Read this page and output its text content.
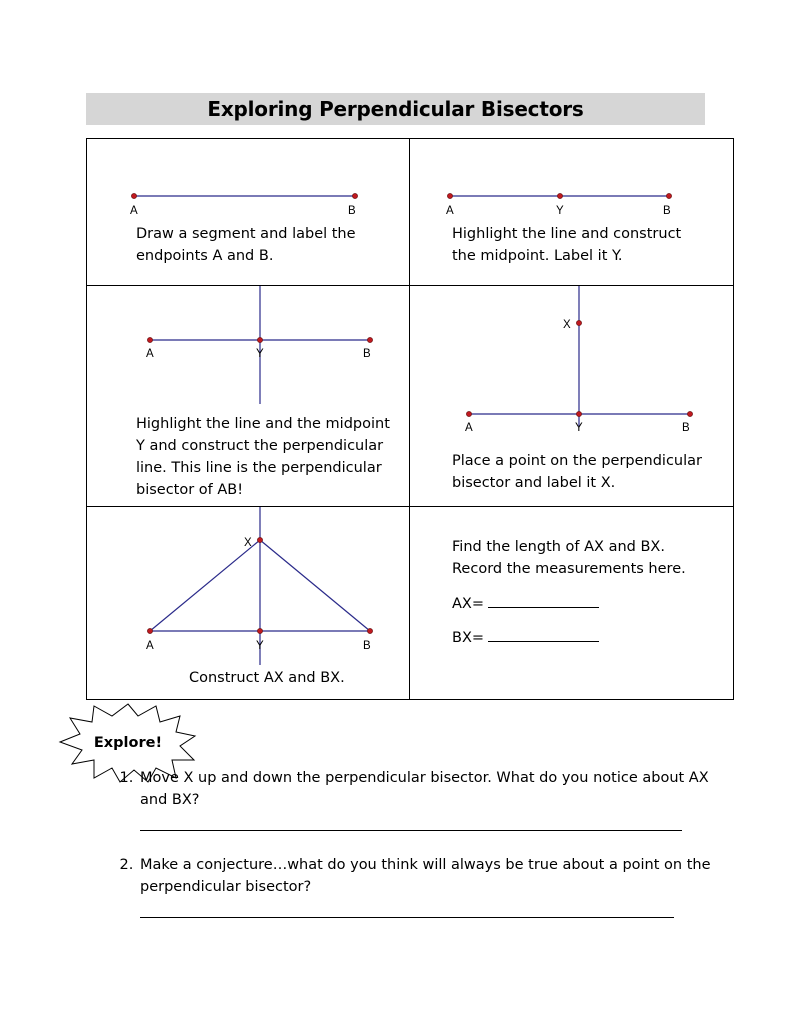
Exploring Perpendicular Bisectors
A	B
Draw a segment and label the
endpoints A and B.
A	Y	B
Highlight the line and construct
the midpoint. Label it Y.
A	Y	B
Highlight the line and the midpoint
Y and construct the perpendicular
line. This line is the perpendicular
bisector of AB!
X
A	Y	B
Place a point on the perpendicular
bisector and label it X.
X
A	Y	B
Construct AX and BX.
Find the length of AX and BX.
Record the measurements here.
AX=
BX=
Explore!
1. Move X up and down the perpendicular bisector. What do you notice about AX
and BX?
2. Make a conjecture…what do you think will always be true about a point on the
perpendicular bisector?
